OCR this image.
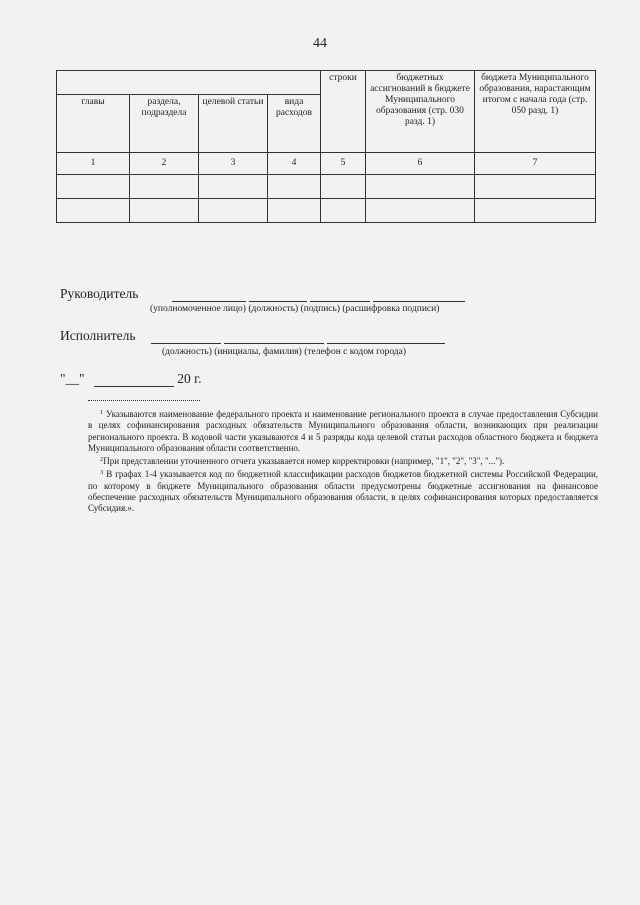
44
				строки	бюджетных ассигнований в бюджете Муниципального образования (стр. 030 разд. 1)	бюджета Муниципального образования, нарастающим итогом с начала года (стр. 050 разд. 1)
главы	раздела, подраздела	целевой статьи	вида расходов			
1	2	3	4	5	6	7

Руководитель
(уполномоченное лицо) (должность) (подпись) (расшифровка подписи)
Исполнитель
(должность) (инициалы, фамилия) (телефон с кодом города)
"__"	20 г.

$^1$ Указываются наименование федерального проекта и наименование регионального проекта в случае предоставления Субсидии в целях софинансирования расходных обязательств Муниципального образования области, возникающих при реализации регионального проекта. В кодовой части указываются 4 и 5 разряды кода целевой статьи расходов областного бюджета и бюджета Муниципального образования области соответственно.

$^2$При представлении уточненного отчета указывается номер корректировки (например, "1", "2", "3", "...").

$^3$ В графах 1-4 указывается код по бюджетной классификации расходов бюджетов бюджетной системы Российской Федерации, по которому в бюджете Муниципального образования области предусмотрены бюджетные ассигнования на финансовое обеспечение расходных обязательств Муниципального образования области, в целях софинансирования которых предоставляется Субсидия.».
